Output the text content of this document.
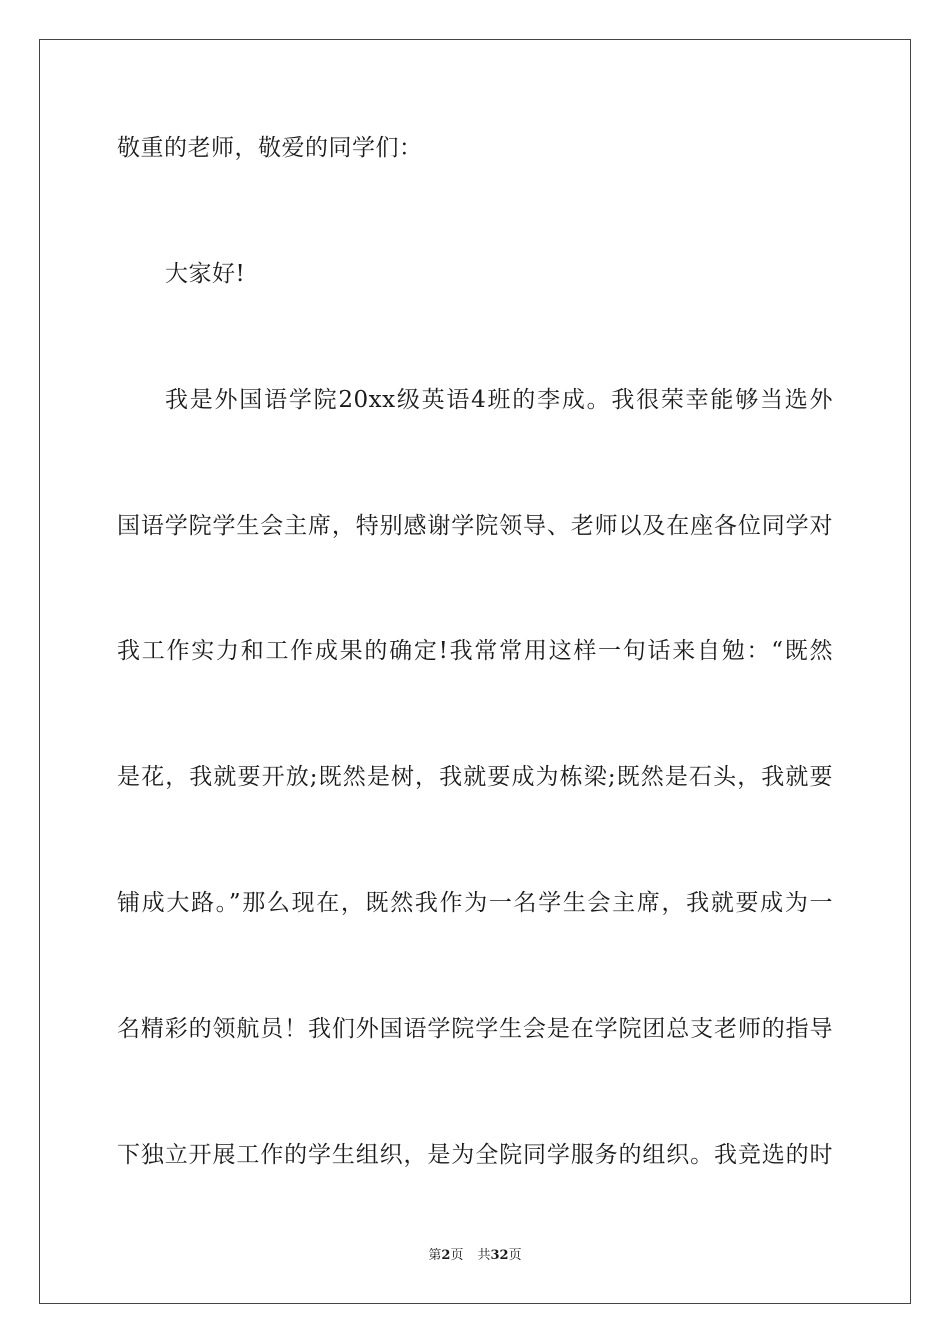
敬重的老师，敬爱的同学们：
大家好!
我是外国语学院20xx级英语4班的李成。我很荣幸能够当选外
国语学院学生会主席，特别感谢学院领导、老师以及在座各位同学对
我工作实力和工作成果的确定!我常常用这样一句话来自勉：“既然
是花，我就要开放;既然是树，我就要成为栋梁;既然是石头，我就要
铺成大路。”那么现在，既然我作为一名学生会主席，我就要成为一
名精彩的领航员！我们外国语学院学生会是在学院团总支老师的指导
下独立开展工作的学生组织，是为全院同学服务的组织。我竞选的时
第2页 共32页
